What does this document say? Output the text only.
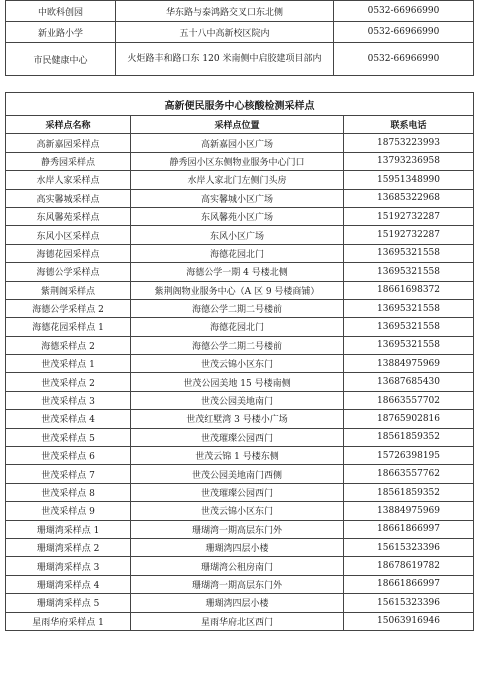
中欧科创园	华东路与泰鸿路交叉口东北侧	0532-66966990
新业路小学	五十八中高新校区院内	0532-66966990
市民健康中心	火炬路丰和路口东 120 米南侧中启胶建项目部内	0532-66966990
高新便民服务中心核酸检测采样点		
采样点名称	采样点位置	联系电话
高新嘉园采样点	高新嘉园小区广场	18753223993
静秀园采样点	静秀园小区东侧物业服务中心门口	13793236958
水岸人家采样点	水岸人家北门左侧门头房	15951348990
高实馨城采样点	高实馨城小区广场	13685322968
东风馨苑采样点	东风馨苑小区广场	15192732287
东风小区采样点	东风小区广场	15192732287
海德花园采样点	海德花园北门	13695321558
海德公学采样点	海德公学一期 4 号楼北侧	13695321558
紫荆阁采样点	紫荆阁物业服务中心（A 区 9 号楼商铺）	18661698372
海德公学采样点 2	海德公学二期二号楼前	13695321558
海德花园采样点 1	海德花园北门	13695321558
海德采样点 2	海德公学二期二号楼前	13695321558
世茂采样点 1	世茂云锦小区东门	13884975969
世茂采样点 2	世茂公园美地 15 号楼南侧	13687685430
世茂采样点 3	世茂公园美地南门	18663557702
世茂采样点 4	世茂红墅湾 3 号楼小广场	18765902816
世茂采样点 5	世茂璀璨公园西门	18561859352
世茂采样点 6	世茂云锦 1 号楼东侧	15726398195
世茂采样点 7	世茂公园美地南门西侧	18663557762
世茂采样点 8	世茂璀璨公园西门	18561859352
世茂采样点 9	世茂云锦小区东门	13884975969
珊瑚湾采样点 1	珊瑚湾一期高层东门外	18661866997
珊瑚湾采样点 2	珊瑚湾四层小楼	15615323396
珊瑚湾采样点 3	珊瑚湾公租房南门	18678619782
珊瑚湾采样点 4	珊瑚湾一期高层东门外	18661866997
珊瑚湾采样点 5	珊瑚湾四层小楼	15615323396
星雨华府采样点 1	星雨华府北区西门	15063916946
